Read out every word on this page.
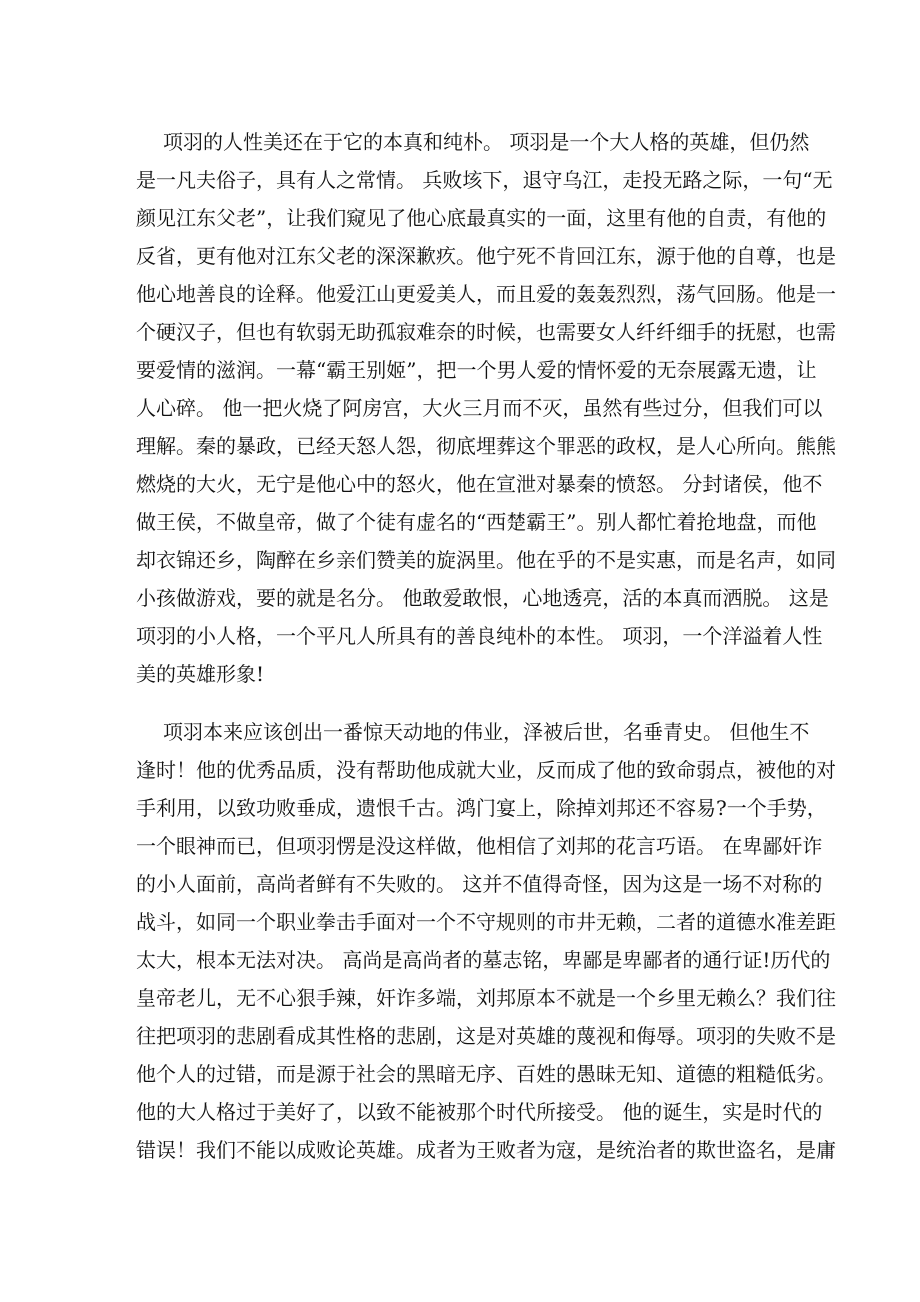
项羽的人性美还在于它的本真和纯朴。 项羽是一个大人格的英雄，但仍然
是一凡夫俗子，具有人之常情。 兵败垓下，退守乌江，走投无路之际，一句“无
颜见江东父老”，让我们窥见了他心底最真实的一面，这里有他的自责，有他的
反省，更有他对江东父老的深深歉疚。他宁死不肯回江东，源于他的自尊，也是
他心地善良的诠释。他爱江山更爱美人，而且爱的轰轰烈烈，荡气回肠。他是一
个硬汉子，但也有软弱无助孤寂难奈的时候，也需要女人纤纤细手的抚慰，也需
要爱情的滋润。一幕“霸王别姬”，把一个男人爱的情怀爱的无奈展露无遗，让
人心碎。 他一把火烧了阿房宫，大火三月而不灭，虽然有些过分，但我们可以
理解。秦的暴政，已经天怒人怨，彻底埋葬这个罪恶的政权，是人心所向。熊熊
燃烧的大火，无宁是他心中的怒火，他在宣泄对暴秦的愤怒。 分封诸侯，他不
做王侯，不做皇帝，做了个徒有虚名的“西楚霸王”。别人都忙着抢地盘，而他
却衣锦还乡，陶醉在乡亲们赞美的旋涡里。他在乎的不是实惠，而是名声，如同
小孩做游戏，要的就是名分。 他敢爱敢恨，心地透亮，活的本真而洒脱。 这是
项羽的小人格，一个平凡人所具有的善良纯朴的本性。 项羽，一个洋溢着人性
美的英雄形象!
项羽本来应该创出一番惊天动地的伟业，泽被后世，名垂青史。 但他生不
逢时！他的优秀品质，没有帮助他成就大业，反而成了他的致命弱点，被他的对
手利用，以致功败垂成，遗恨千古。鸿门宴上，除掉刘邦还不容易?一个手势，
一个眼神而已，但项羽愣是没这样做，他相信了刘邦的花言巧语。 在卑鄙奸诈
的小人面前，高尚者鲜有不失败的。 这并不值得奇怪，因为这是一场不对称的
战斗，如同一个职业拳击手面对一个不守规则的市井无赖，二者的道德水准差距
太大，根本无法对决。 高尚是高尚者的墓志铭，卑鄙是卑鄙者的通行证!历代的
皇帝老儿，无不心狠手辣，奸诈多端，刘邦原本不就是一个乡里无赖么？我们往
往把项羽的悲剧看成其性格的悲剧，这是对英雄的蔑视和侮辱。项羽的失败不是
他个人的过错，而是源于社会的黑暗无序、百姓的愚昧无知、道德的粗糙低劣。
他的大人格过于美好了，以致不能被那个时代所接受。 他的诞生，实是时代的
错误！我们不能以成败论英雄。成者为王败者为寇，是统治者的欺世盗名，是庸
